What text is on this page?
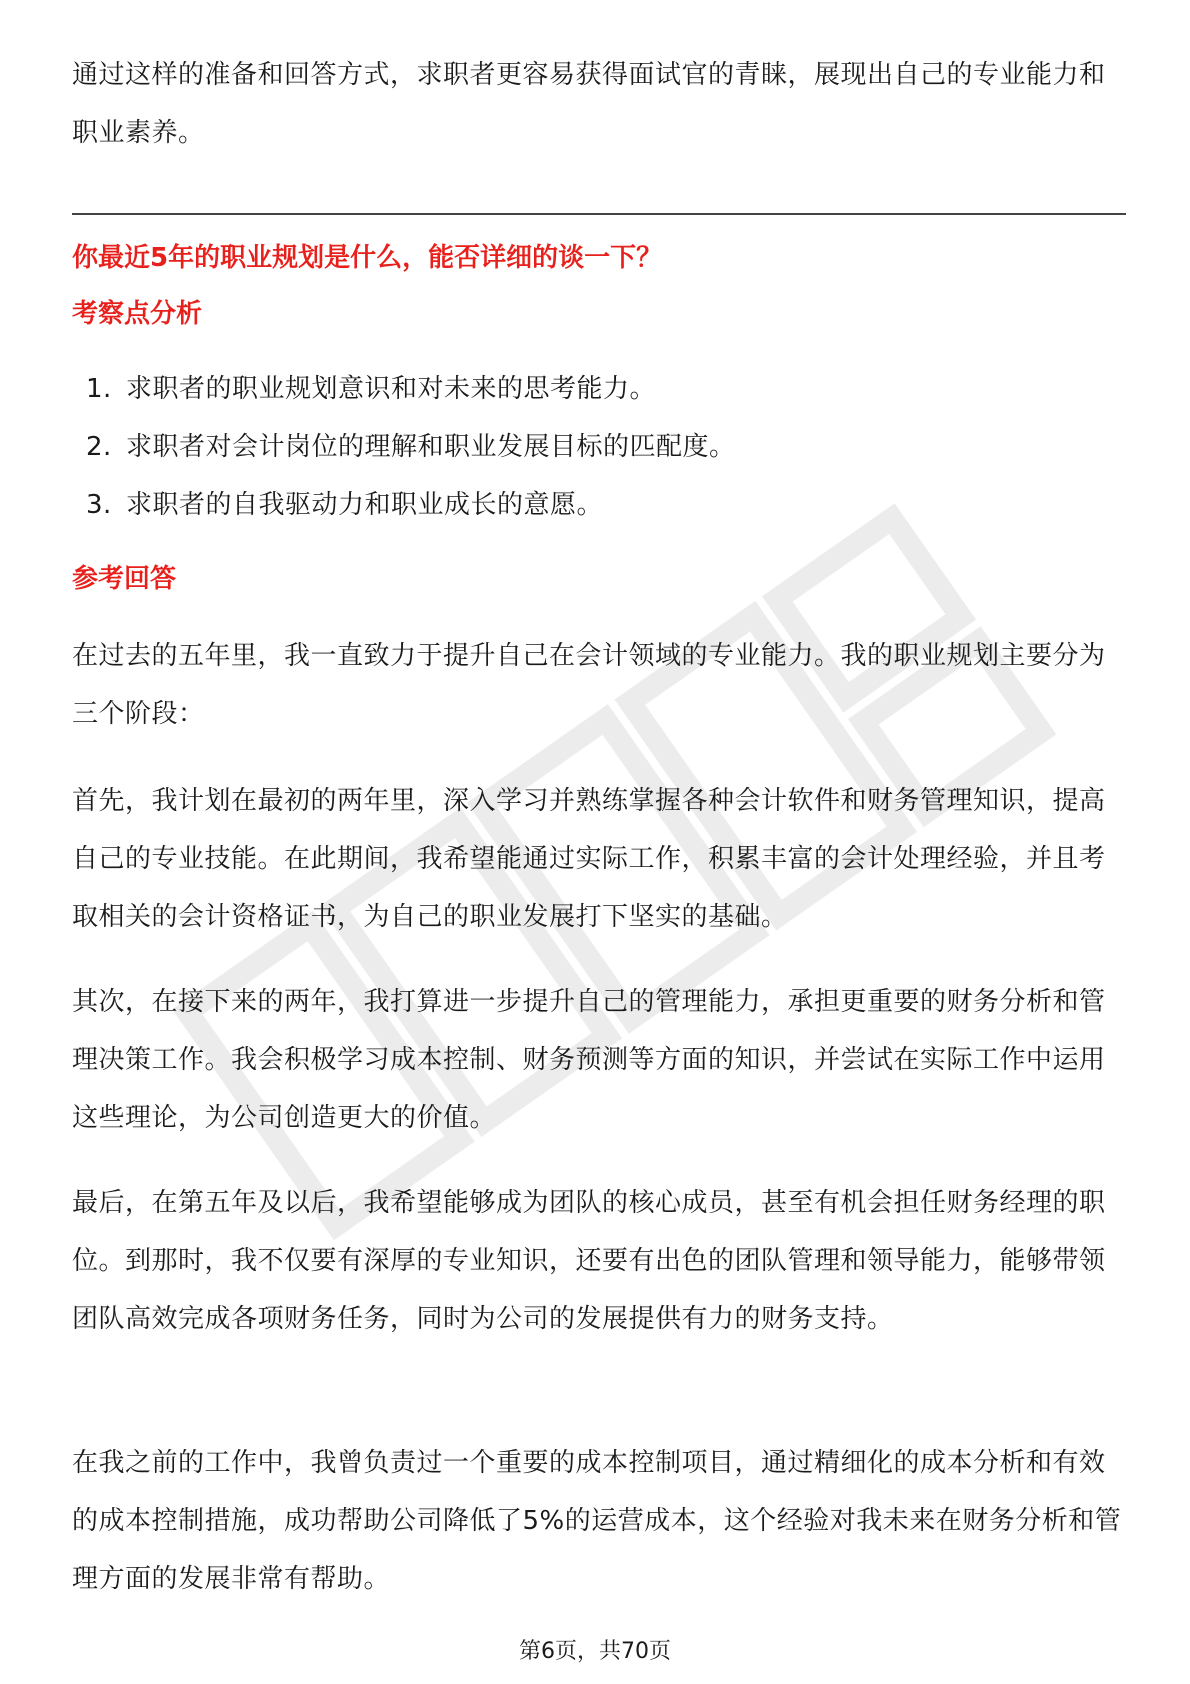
通过这样的准备和回答方式，求职者更容易获得面试官的青睐，展现出自己的专业能力和职业素养。

你最近5年的职业规划是什么，能否详细的谈一下？

考察点分析

1. 求职者的职业规划意识和对未来的思考能力。
2. 求职者对会计岗位的理解和职业发展目标的匹配度。
3. 求职者的自我驱动力和职业成长的意愿。

参考回答

在过去的五年里，我一直致力于提升自己在会计领域的专业能力。我的职业规划主要分为三个阶段：

首先，我计划在最初的两年里，深入学习并熟练掌握各种会计软件和财务管理知识，提高自己的专业技能。在此期间，我希望能通过实际工作，积累丰富的会计处理经验，并且考取相关的会计资格证书，为自己的职业发展打下坚实的基础。

其次，在接下来的两年，我打算进一步提升自己的管理能力，承担更重要的财务分析和管理决策工作。我会积极学习成本控制、财务预测等方面的知识，并尝试在实际工作中运用这些理论，为公司创造更大的价值。

最后，在第五年及以后，我希望能够成为团队的核心成员，甚至有机会担任财务经理的职位。到那时，我不仅要有深厚的专业知识，还要有出色的团队管理和领导能力，能够带领团队高效完成各项财务任务，同时为公司的发展提供有力的财务支持。

在我之前的工作中，我曾负责过一个重要的成本控制项目，通过精细化的成本分析和有效的成本控制措施，成功帮助公司降低了5%的运营成本，这个经验对我未来在财务分析和管理方面的发展非常有帮助。

第6页，共70页
